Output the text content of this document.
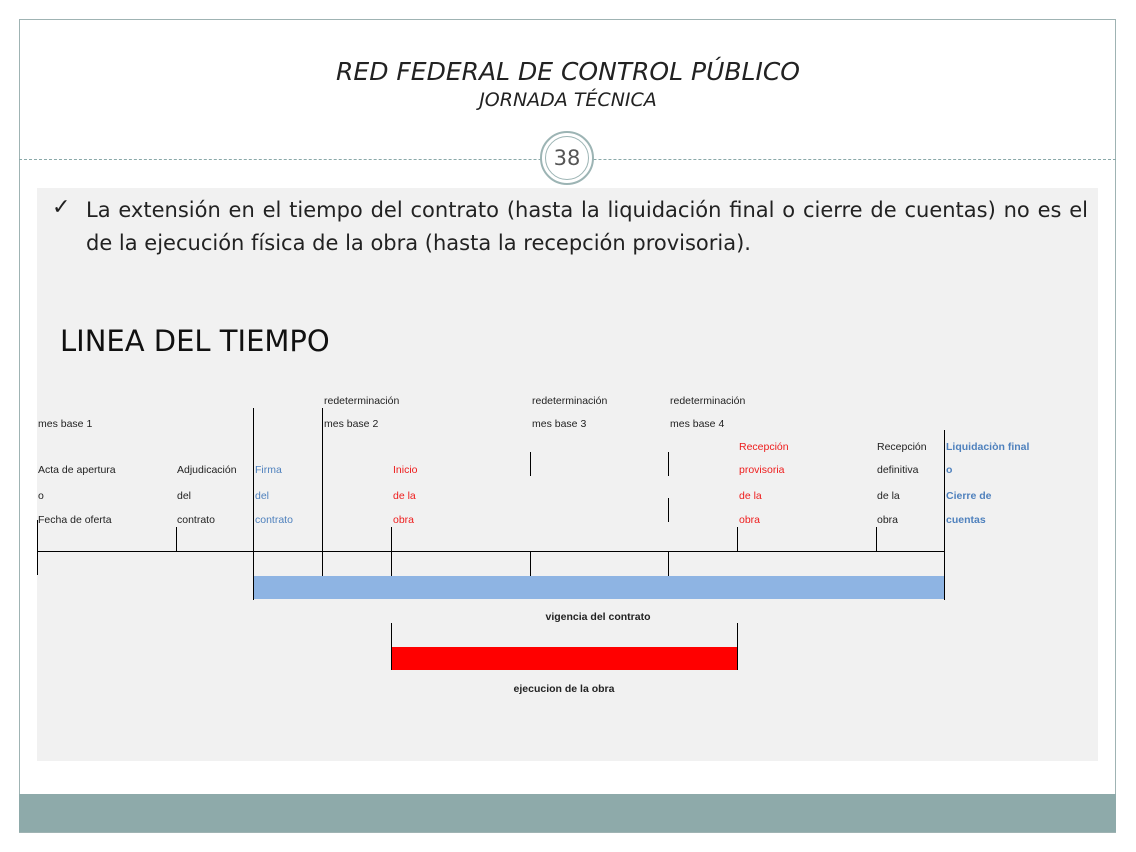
RED FEDERAL DE CONTROL PÚBLICO
JORNADA TÉCNICA
38
✓ La extensión en el tiempo del contrato (hasta la liquidación final o cierre de cuentas) no es el de la ejecución física de la obra (hasta la recepción provisoria).
LINEA DEL TIEMPO
redeterminación	redeterminación	redeterminación
mes base 1	mes base 2	mes base 3	mes base 4
Acta de apertura
o
Fecha de oferta
Adjudicación
del
contrato
Firma
del
contrato
Inicio
de la
obra
Recepción
provisoria
de la
obra
Recepción
definitiva
de la
obra
Liquidaciòn final
o
Cierre de
cuentas
vigencia del contrato
ejecucion de la obra
